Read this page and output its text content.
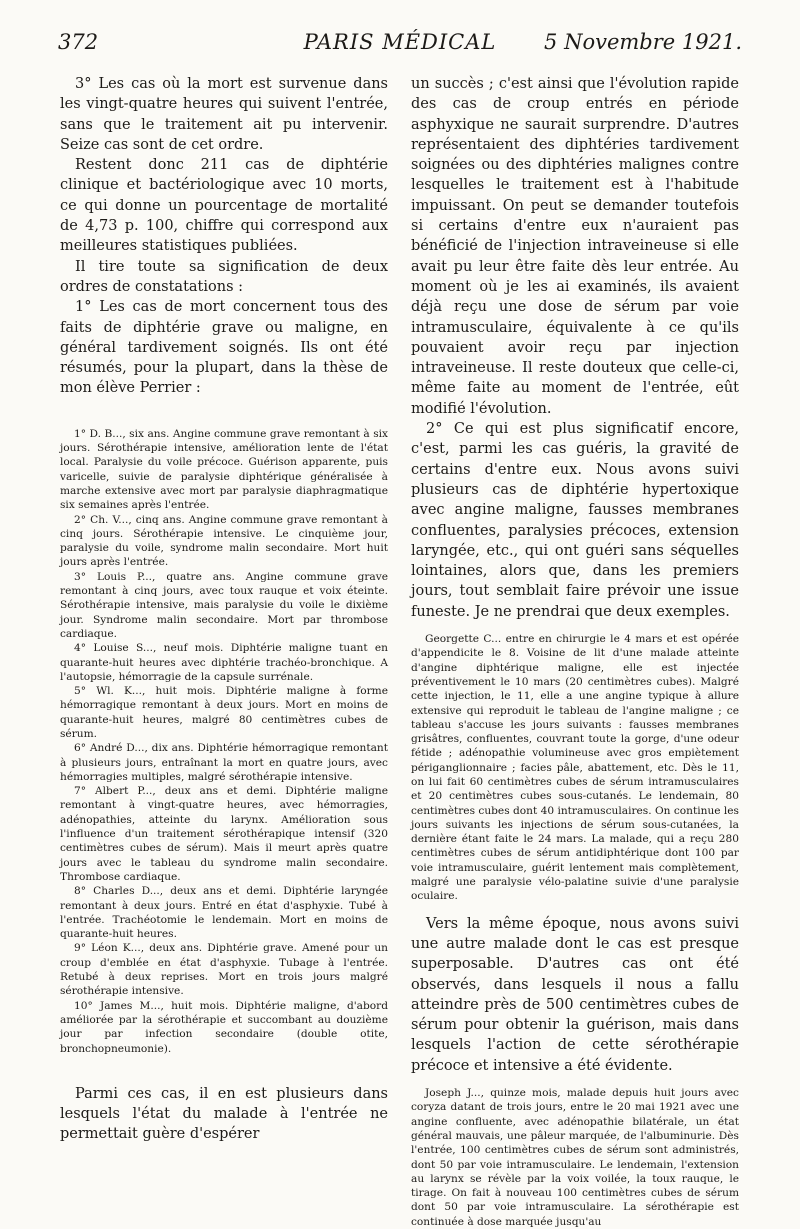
372	PARIS MÉDICAL	5 Novembre 1921.

3° Les cas où la mort est survenue dans les vingt-quatre heures qui suivent l'entrée, sans que le traitement ait pu intervenir. Seize cas sont de cet ordre.

Restent donc 211 cas de diphtérie clinique et bactériologique avec 10 morts, ce qui donne un pourcentage de mortalité de 4,73 p. 100, chiffre qui correspond aux meilleures statistiques publiées.

Il tire toute sa signification de deux ordres de constatations :

1° Les cas de mort concernent tous des faits de diphtérie grave ou maligne, en général tardivement soignés. Ils ont été résumés, pour la plupart, dans la thèse de mon élève Perrier :

1° D. B..., six ans. Angine commune grave remontant à six jours. Sérothérapie intensive, amélioration lente de l'état local. Paralysie du voile précoce. Guérison apparente, puis varicelle, suivie de paralysie diphtérique généralisée à marche extensive avec mort par paralysie diaphragmatique six semaines après l'entrée.

2° Ch. V..., cinq ans. Angine commune grave remontant à cinq jours. Sérothérapie intensive. Le cinquième jour, paralysie du voile, syndrome malin secondaire. Mort huit jours après l'entrée.

3° Louis P..., quatre ans. Angine commune grave remontant à cinq jours, avec toux rauque et voix éteinte. Sérothérapie intensive, mais paralysie du voile le dixième jour. Syndrome malin secondaire. Mort par thrombose cardiaque.

4° Louise S..., neuf mois. Diphtérie maligne tuant en quarante-huit heures avec diphtérie trachéo-bronchique. A l'autopsie, hémorragie de la capsule surrénale.

5° Wl. K..., huit mois. Diphtérie maligne à forme hémorragique remontant à deux jours. Mort en moins de quarante-huit heures, malgré 80 centimètres cubes de sérum.

6° André D..., dix ans. Diphtérie hémorragique remontant à plusieurs jours, entraînant la mort en quatre jours, avec hémorragies multiples, malgré sérothérapie intensive.

7° Albert P..., deux ans et demi. Diphtérie maligne remontant à vingt-quatre heures, avec hémorragies, adénopathies, atteinte du larynx. Amélioration sous l'influence d'un traitement sérothérapique intensif (320 centimètres cubes de sérum). Mais il meurt après quatre jours avec le tableau du syndrome malin secondaire. Thrombose cardiaque.

8° Charles D..., deux ans et demi. Diphtérie laryngée remontant à deux jours. Entré en état d'asphyxie. Tubé à l'entrée. Trachéotomie le lendemain. Mort en moins de quarante-huit heures.

9° Léon K..., deux ans. Diphtérie grave. Amené pour un croup d'emblée en état d'asphyxie. Tubage à l'entrée. Retubé à deux reprises. Mort en trois jours malgré sérothérapie intensive.

10° James M..., huit mois. Diphtérie maligne, d'abord améliorée par la sérothérapie et succombant au douzième jour par infection secondaire (double otite, bronchopneumonie).

Parmi ces cas, il en est plusieurs dans lesquels l'état du malade à l'entrée ne permettait guère d'espérer

un succès ; c'est ainsi que l'évolution rapide des cas de croup entrés en période asphyxique ne saurait surprendre. D'autres représentaient des diphtéries tardivement soignées ou des diphtéries malignes contre lesquelles le traitement est à l'habitude impuissant. On peut se demander toutefois si certains d'entre eux n'auraient pas bénéficié de l'injection intraveineuse si elle avait pu leur être faite dès leur entrée. Au moment où je les ai examinés, ils avaient déjà reçu une dose de sérum par voie intramusculaire, équivalente à ce qu'ils pouvaient avoir reçu par injection intraveineuse. Il reste douteux que celle-ci, même faite au moment de l'entrée, eût modifié l'évolution.

2° Ce qui est plus significatif encore, c'est, parmi les cas guéris, la gravité de certains d'entre eux. Nous avons suivi plusieurs cas de diphtérie hypertoxique avec angine maligne, fausses membranes confluentes, paralysies précoces, extension laryngée, etc., qui ont guéri sans séquelles lointaines, alors que, dans les premiers jours, tout semblait faire prévoir une issue funeste. Je ne prendrai que deux exemples.

Georgette C... entre en chirurgie le 4 mars et est opérée d'appendicite le 8. Voisine de lit d'une malade atteinte d'angine diphtérique maligne, elle est injectée préventivement le 10 mars (20 centimètres cubes). Malgré cette injection, le 11, elle a une angine typique à allure extensive qui reproduit le tableau de l'angine maligne ; ce tableau s'accuse les jours suivants : fausses membranes grisâtres, confluentes, couvrant toute la gorge, d'une odeur fétide ; adénopathie volumineuse avec gros empiètement périganglionnaire ; facies pâle, abattement, etc. Dès le 11, on lui fait 60 centimètres cubes de sérum intramusculaires et 20 centimètres cubes sous-cutanés. Le lendemain, 80 centimètres cubes dont 40 intramusculaires. On continue les jours suivants les injections de sérum sous-cutanées, la dernière étant faite le 24 mars. La malade, qui a reçu 280 centimètres cubes de sérum antidiphtérique dont 100 par voie intramusculaire, guérit lentement mais complètement, malgré une paralysie vélo-palatine suivie d'une paralysie oculaire.

Vers la même époque, nous avons suivi une autre malade dont le cas est presque superposable. D'autres cas ont été observés, dans lesquels il nous a fallu atteindre près de 500 centimètres cubes de sérum pour obtenir la guérison, mais dans lesquels l'action de cette sérothérapie précoce et intensive a été évidente.

Joseph J..., quinze mois, malade depuis huit jours avec coryza datant de trois jours, entre le 20 mai 1921 avec une angine confluente, avec adénopathie bilatérale, un état général mauvais, une pâleur marquée, de l'albuminurie. Dès l'entrée, 100 centimètres cubes de sérum sont administrés, dont 50 par voie intramusculaire. Le lendemain, l'extension au larynx se révèle par la voix voilée, la toux rauque, le tirage. On fait à nouveau 100 centimètres cubes de sérum dont 50 par voie intramusculaire. La sérothérapie est continuée à dose marquée jusqu'au
